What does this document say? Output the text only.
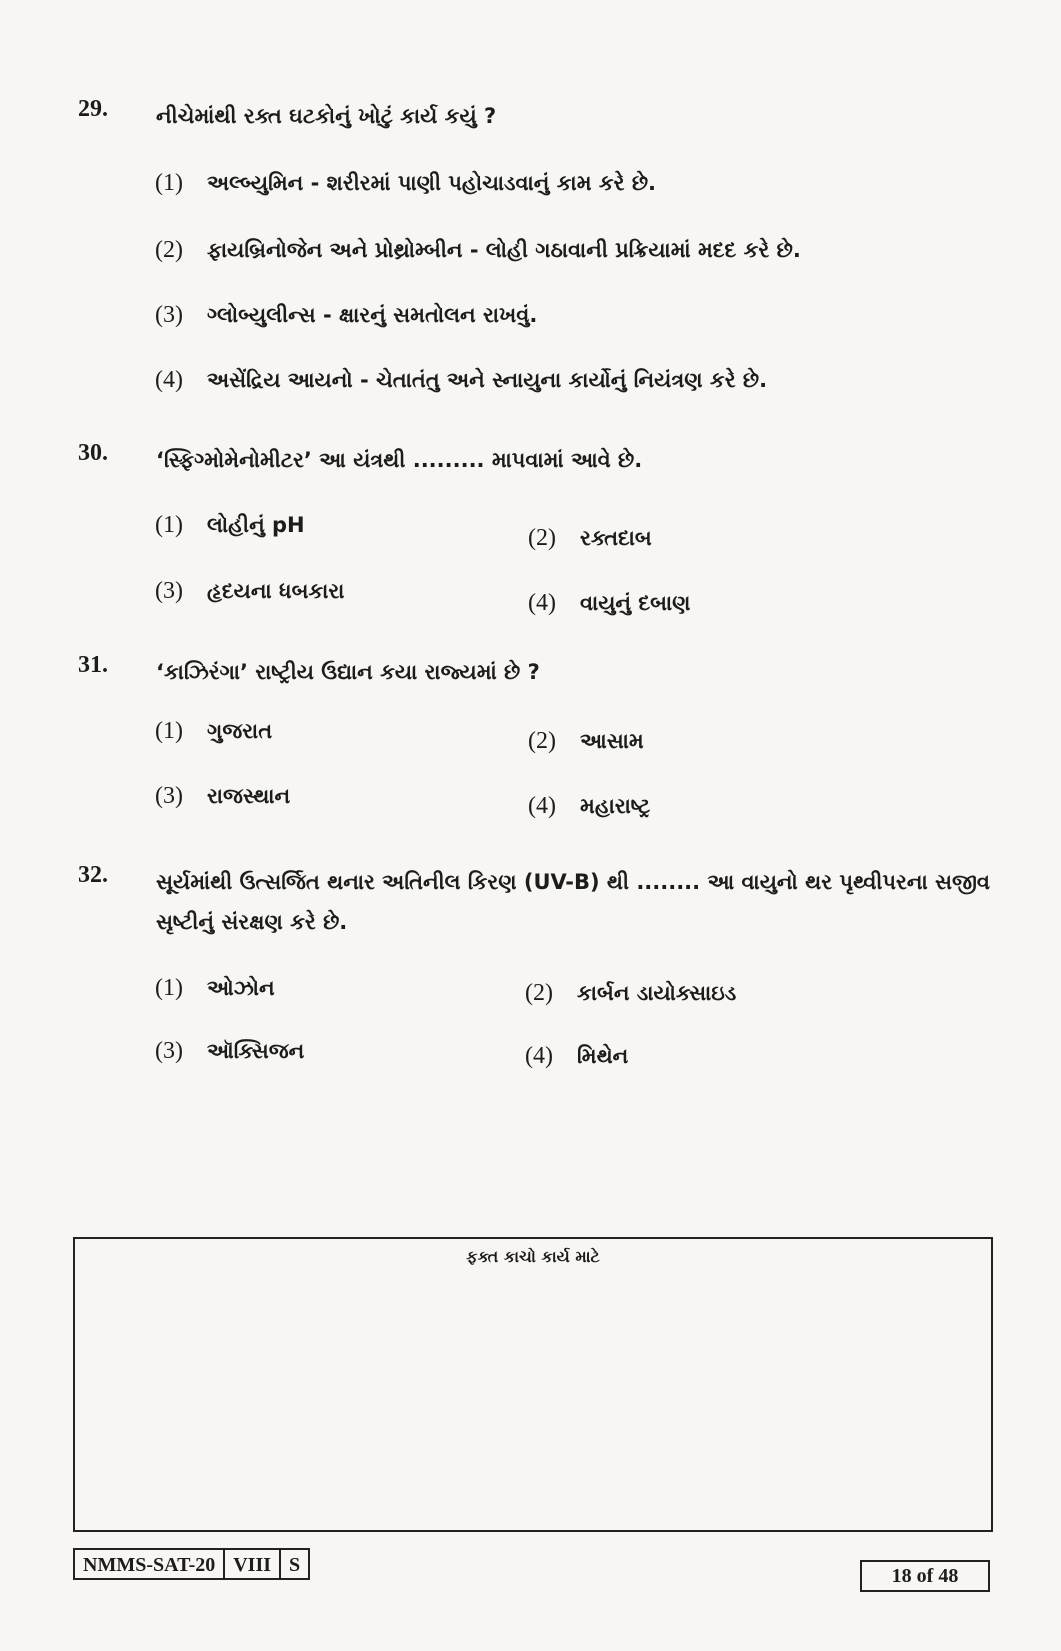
29. નીચેમાંથી રક્ત ઘટકોનું ખોટું કાર્ય કયું ?
(1) અલ્બ્યુમિન - શરીરમાં પાણી પહોચાડવાનું કામ કરે છે.
(2) ફાયબ્રિનોજેન અને પ્રોથ્રોમ્બીન - લોહી ગઠાવાની પ્રક્રિયામાં મદદ કરે છે.
(3) ગ્લોબ્યુલીન્સ - ક્ષારનું સમતોલન રાખવું.
(4) અસેંદ્રિય આયનો - ચેતાતંતુ અને સ્નાયુના કાર્યોનું નિયંત્રણ કરે છે.
30. ‘સ્ફિગ્મોમેનોમીટર’ આ યંત્રથી ......... માપવામાં આવે છે.
(1) લોહીનું pH	(2) રક્તદાબ
(3) હૃદયના ધબકારા	(4) વાયુનું દબાણ
31. ‘કાઝિરંગા’ રાષ્ટ્રીય ઉદ્યાન કયા રાજ્યમાં છે ?
(1) ગુજરાત	(2) આસામ
(3) રાજસ્થાન	(4) મહારાષ્ટ્ર
32. સૂર્યમાંથી ઉત્સર્જિત થનાર અતિનીલ કિરણ (UV-B) થી ........ આ વાયુનો થર પૃથ્વીપરના સજીવ સૃષ્ટીનું સંરક્ષણ કરે છે.
(1) ઓઝોન	(2) કાર્બન ડાયોક્સાઇડ
(3) ઑક્સિજન	(4) મિથેન
ફક્ત કાચો કાર્ય માટે
NMMS-SAT-20 VIII S	18 of 48
